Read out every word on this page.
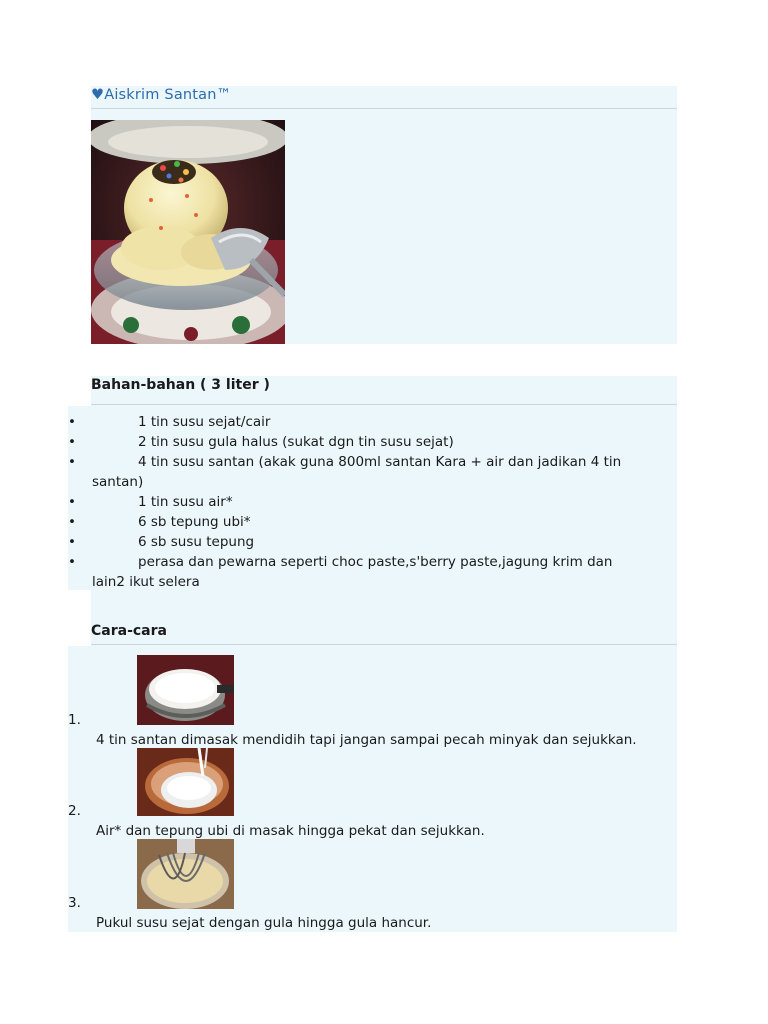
♥Aiskrim Santan™
Bahan-bahan ( 3 liter )
•	1 tin susu sejat/cair
•	2 tin susu gula halus (sukat dgn tin susu sejat)
•	4 tin susu santan (akak guna 800ml santan Kara + air dan jadikan 4 tin
santan)
•	1 tin susu air*
•	6 sb tepung ubi*
•	6 sb susu tepung
•	perasa dan pewarna seperti choc paste,s'berry paste,jagung krim dan
lain2 ikut selera
Cara-cara
1.
4 tin santan dimasak mendidih tapi jangan sampai pecah minyak dan sejukkan.
2.
Air* dan tepung ubi di masak hingga pekat dan sejukkan.
3.
Pukul susu sejat dengan gula hingga gula hancur.
